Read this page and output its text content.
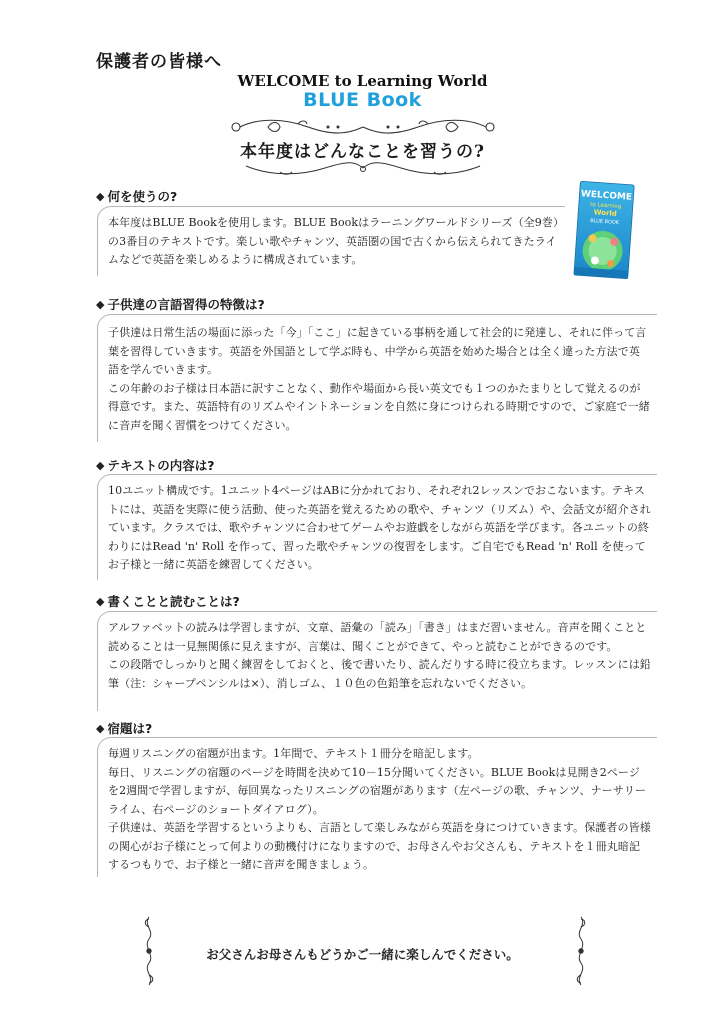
保護者の皆様へ
WELCOME to Learning World
BLUE Book
本年度はどんなことを習うの?
WELCOME
to Learning
World
BLUE BOOK
◆ 何を使うの?

本年度はBLUE Bookを使用します。BLUE Bookはラーニングワールドシリーズ（全9巻）の3番目のテキストです。楽しい歌やチャンツ、英語圏の国で古くから伝えられてきたライムなどで英語を楽しめるように構成されています。

◆ 子供達の言語習得の特徴は?

子供達は日常生活の場面に添った「今」「ここ」に起きている事柄を通して社会的に発達し、それに伴って言葉を習得していきます。英語を外国語として学ぶ時も、中学から英語を始めた場合とは全く違った方法で英語を学んでいきます。

この年齢のお子様は日本語に訳すことなく、動作や場面から長い英文でも１つのかたまりとして覚えるのが得意です。また、英語特有のリズムやイントネーションを自然に身につけられる時期ですので、ご家庭で一緒に音声を聞く習慣をつけてください。

◆ テキストの内容は?

10ユニット構成です。1ユニット4ページはABに分かれており、それぞれ2レッスンでおこないます。テキストには、英語を実際に使う活動、使った英語を覚えるための歌や、チャンツ（リズム）や、会話文が紹介されています。クラスでは、歌やチャンツに合わせてゲームやお遊戯をしながら英語を学びます。各ユニットの終わりにはRead 'n' Roll を作って、習った歌やチャンツの復習をします。ご自宅でもRead 'n' Roll を使ってお子様と一緒に英語を練習してください。

◆ 書くことと読むことは?

アルファベットの読みは学習しますが、文章、語彙の「読み」「書き」はまだ習いません。音声を聞くことと読めることは一見無関係に見えますが、言葉は、聞くことができて、やっと読むことができるのです。

この段階でしっかりと聞く練習をしておくと、後で書いたり、読んだりする時に役立ちます。レッスンには鉛筆（注：シャープペンシルは×）、消しゴム、１０色の色鉛筆を忘れないでください。

◆ 宿題は?

毎週リスニングの宿題が出ます。1年間で、テキスト１冊分を暗記します。

毎日、リスニングの宿題のページを時間を決めて10－15分聞いてください。BLUE Bookは見開き2ページを2週間で学習しますが、毎回異なったリスニングの宿題があります（左ページの歌、チャンツ、ナーサリーライム、右ページのショートダイアログ）。

子供達は、英語を学習するというよりも、言語として楽しみながら英語を身につけていきます。保護者の皆様の関心がお子様にとって何よりの動機付けになりますので、お母さんやお父さんも、テキストを１冊丸暗記するつもりで、お子様と一緒に音声を聞きましょう。

お父さんお母さんもどうかご一緒に楽しんでください。
